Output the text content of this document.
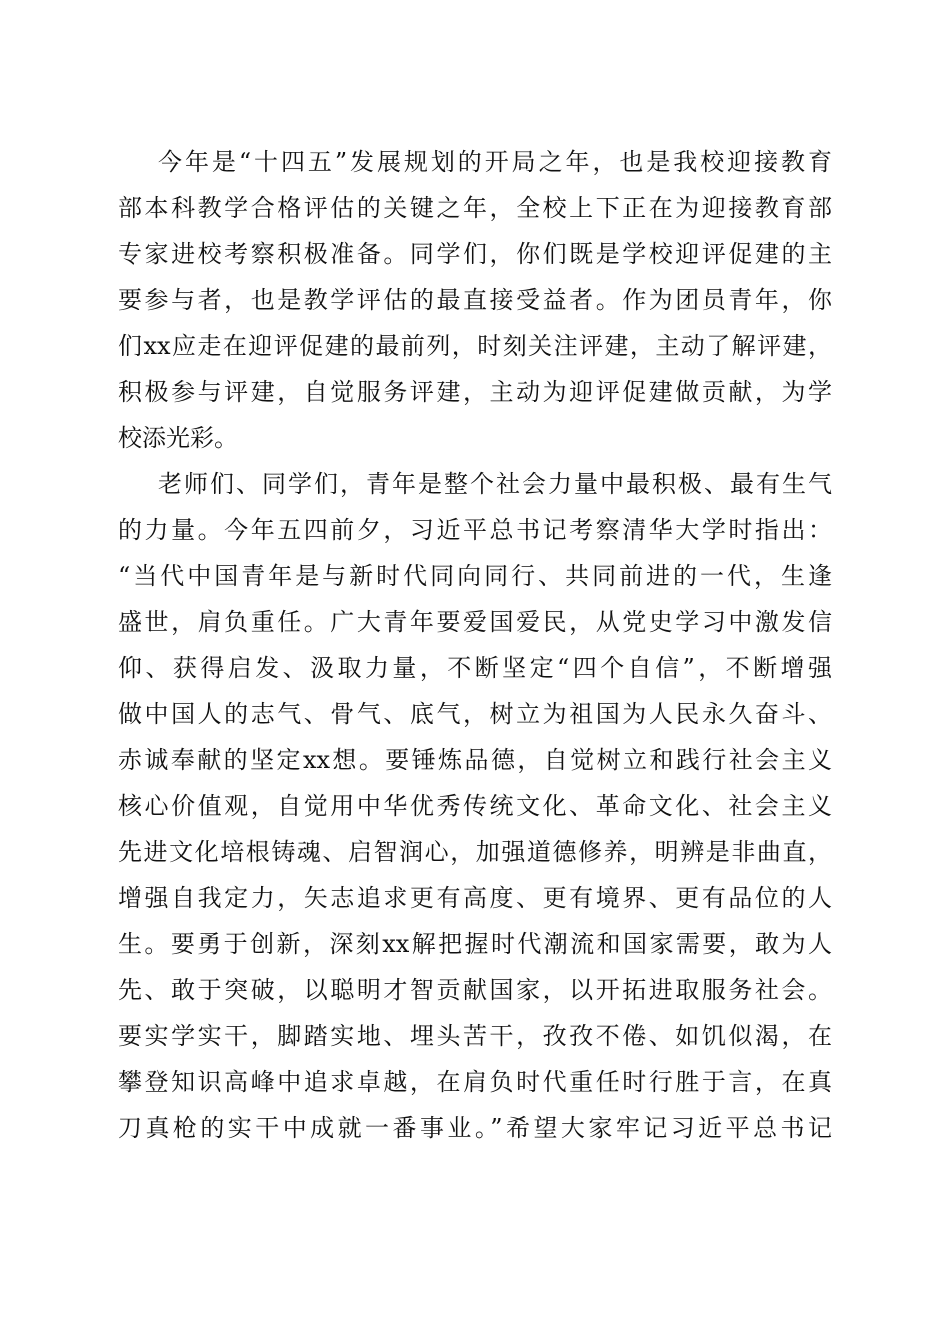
今年是“十四五”发展规划的开局之年，也是我校迎接教育
部本科教学合格评估的关键之年，全校上下正在为迎接教育部
专家进校考察积极准备。同学们，你们既是学校迎评促建的主
要参与者，也是教学评估的最直接受益者。作为团员青年，你
们xx应走在迎评促建的最前列，时刻关注评建，主动了解评建，
积极参与评建，自觉服务评建，主动为迎评促建做贡献，为学
校添光彩。
老师们、同学们，青年是整个社会力量中最积极、最有生气
的力量。今年五四前夕，习近平总书记考察清华大学时指出：
“当代中国青年是与新时代同向同行、共同前进的一代，生逢
盛世，肩负重任。广大青年要爱国爱民，从党史学习中激发信
仰、获得启发、汲取力量，不断坚定“四个自信”，不断增强
做中国人的志气、骨气、底气，树立为祖国为人民永久奋斗、
赤诚奉献的坚定xx想。要锤炼品德，自觉树立和践行社会主义
核心价值观，自觉用中华优秀传统文化、革命文化、社会主义
先进文化培根铸魂、启智润心，加强道德修养，明辨是非曲直，
增强自我定力，矢志追求更有高度、更有境界、更有品位的人
生。要勇于创新，深刻xx解把握时代潮流和国家需要，敢为人
先、敢于突破，以聪明才智贡献国家，以开拓进取服务社会。
要实学实干，脚踏实地、埋头苦干，孜孜不倦、如饥似渴，在
攀登知识高峰中追求卓越，在肩负时代重任时行胜于言，在真
刀真枪的实干中成就一番事业。”希望大家牢记习近平总书记
